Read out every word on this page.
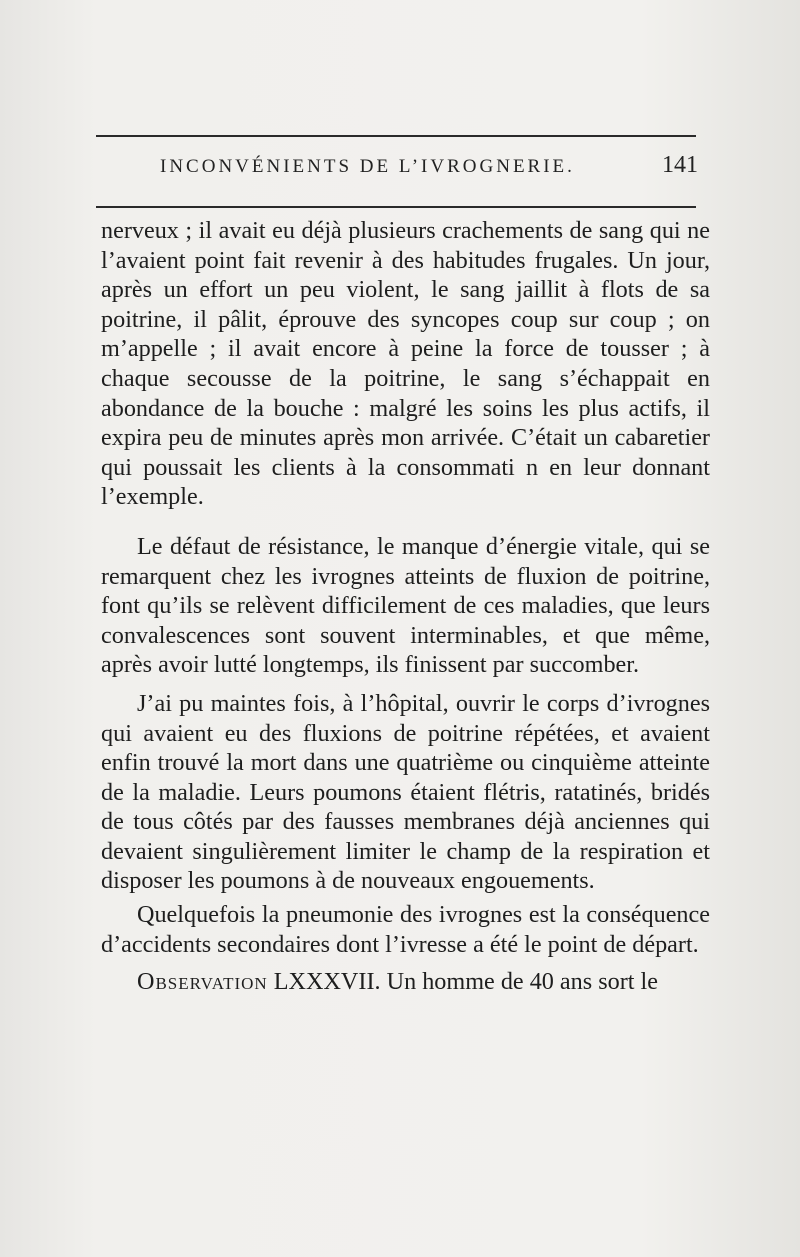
INCONVÉNIENTS DE L’IVROGNERIE.	141

nerveux ; il avait eu déjà plusieurs crachements de sang qui ne l’avaient point fait revenir à des habitudes frugales. Un jour, après un effort un peu violent, le sang jaillit à flots de sa poitrine, il pâlit, éprouve des syncopes coup sur coup ; on m’appelle ; il avait encore à peine la force de tousser ; à chaque secousse de la poitrine, le sang s’échappait en abondance de la bouche : malgré les soins les plus actifs, il expira peu de minutes après mon arrivée. C’était un cabaretier qui poussait les clients à la consommati n en leur donnant l’exemple.

Le défaut de résistance, le manque d’énergie vitale, qui se remarquent chez les ivrognes atteints de fluxion de poitrine, font qu’ils se relèvent difficilement de ces maladies, que leurs convalescences sont souvent interminables, et que même, après avoir lutté longtemps, ils finissent par succomber.

J’ai pu maintes fois, à l’hôpital, ouvrir le corps d’ivrognes qui avaient eu des fluxions de poitrine répétées, et avaient enfin trouvé la mort dans une quatrième ou cinquième atteinte de la maladie. Leurs poumons étaient flétris, ratatinés, bridés de tous côtés par des fausses membranes déjà anciennes qui devaient singulièrement limiter le champ de la respiration et disposer les poumons à de nouveaux engouements.

Quelquefois la pneumonie des ivrognes est la conséquence d’accidents secondaires dont l’ivresse a été le point de départ.

Observation LXXXVII. Un homme de 40 ans sort le
